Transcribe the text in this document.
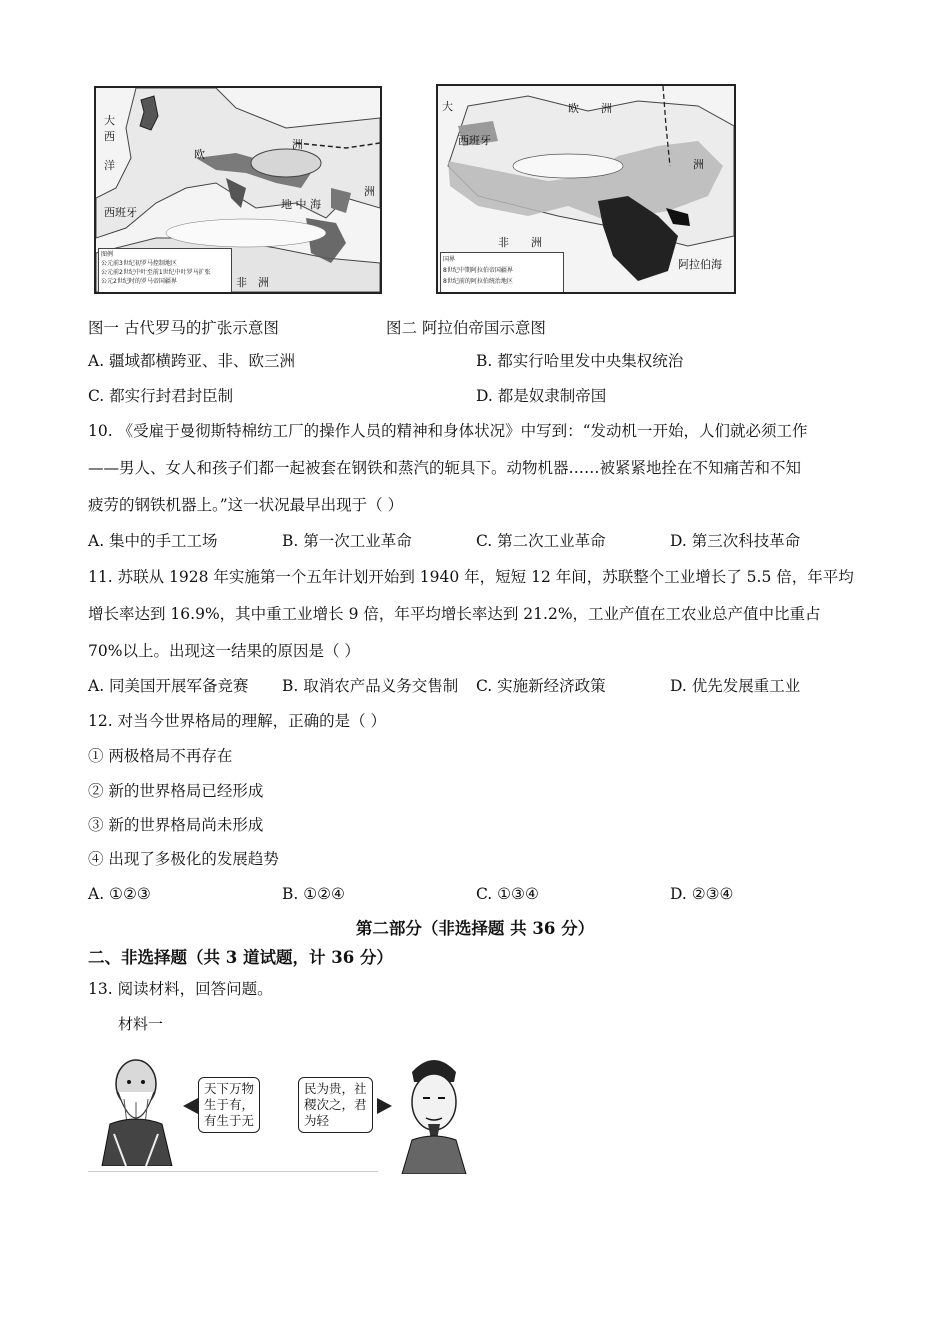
大
西

洋
欧
洲
西班牙
地 中 海
洲
非　洲
图例
公元前3世纪初罗马控制地区
公元前2世纪中叶至前1世纪中叶罗马扩张
公元2世纪时的罗马帝国疆界
大	欧　　洲
西班牙
非　　洲
洲
阿拉伯海
国界
8世纪中期阿拉伯帝国疆界
8世纪前的阿拉伯统治地区
图一 古代罗马的扩张示意图	图二 阿拉伯帝国示意图
A. 疆域都横跨亚、非、欧三洲	B. 都实行哈里发中央集权统治
C. 都实行封君封臣制	D. 都是奴隶制帝国
10. 《受雇于曼彻斯特棉纺工厂的操作人员的精神和身体状况》中写到：“发动机一开始，人们就必须工作
——男人、女人和孩子们都一起被套在钢铁和蒸汽的轭具下。动物机器……被紧紧地拴在不知痛苦和不知
疲劳的钢铁机器上。”这一状况最早出现于（ ）
A. 集中的手工工场	B. 第一次工业革命	C. 第二次工业革命	D. 第三次科技革命
11. 苏联从 1928 年实施第一个五年计划开始到 1940 年，短短 12 年间，苏联整个工业增长了 5.5 倍，年平均
增长率达到 16.9%，其中重工业增长 9 倍，年平均增长率达到 21.2%，工业产值在工农业总产值中比重占
70%以上。出现这一结果的原因是（ ）
A. 同美国开展军备竞赛 B. 取消农产品义务交售制 C. 实施新经济政策	D. 优先发展重工业
12. 对当今世界格局的理解，正确的是（ ）
① 两极格局不再存在
② 新的世界格局已经形成
③ 新的世界格局尚未形成
④ 出现了多极化的发展趋势
A. ①②③	B. ①②④	C. ①③④	D. ②③④
第二部分（非选择题 共 36 分）
二、非选择题（共 3 道试题，计 36 分）
13. 阅读材料，回答问题。
材料一
天下万物
生于有，
有生于无
民为贵，社
稷次之，君
为轻
